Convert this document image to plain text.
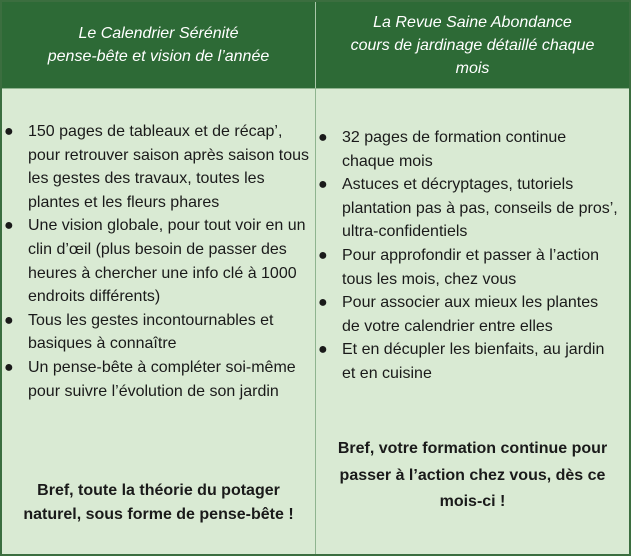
Le Calendrier Sérénité
pense-bête et vision de l’année
La Revue Saine Abondance
cours de jardinage détaillé chaque
mois
● 150 pages de tableaux et de récap’, pour retrouver saison après saison tous les gestes des travaux, toutes les plantes et les fleurs phares
● Une vision globale, pour tout voir en un clin d’œil (plus besoin de passer des heures à chercher une info clé à 1000 endroits différents)
● Tous les gestes incontournables et basiques à connaître
● Un pense-bête à compléter soi-même pour suivre l’évolution de son jardin
Bref, toute la théorie du potager naturel, sous forme de pense-bête !
● 32 pages de formation continue chaque mois
● Astuces et décryptages, tutoriels plantation pas à pas, conseils de pros’, ultra-confidentiels
● Pour approfondir et passer à l’action tous les mois, chez vous
● Pour associer aux mieux les plantes de votre calendrier entre elles
● Et en décupler les bienfaits, au jardin et en cuisine
Bref, votre formation continue pour passer à l’action chez vous, dès ce mois-ci !
